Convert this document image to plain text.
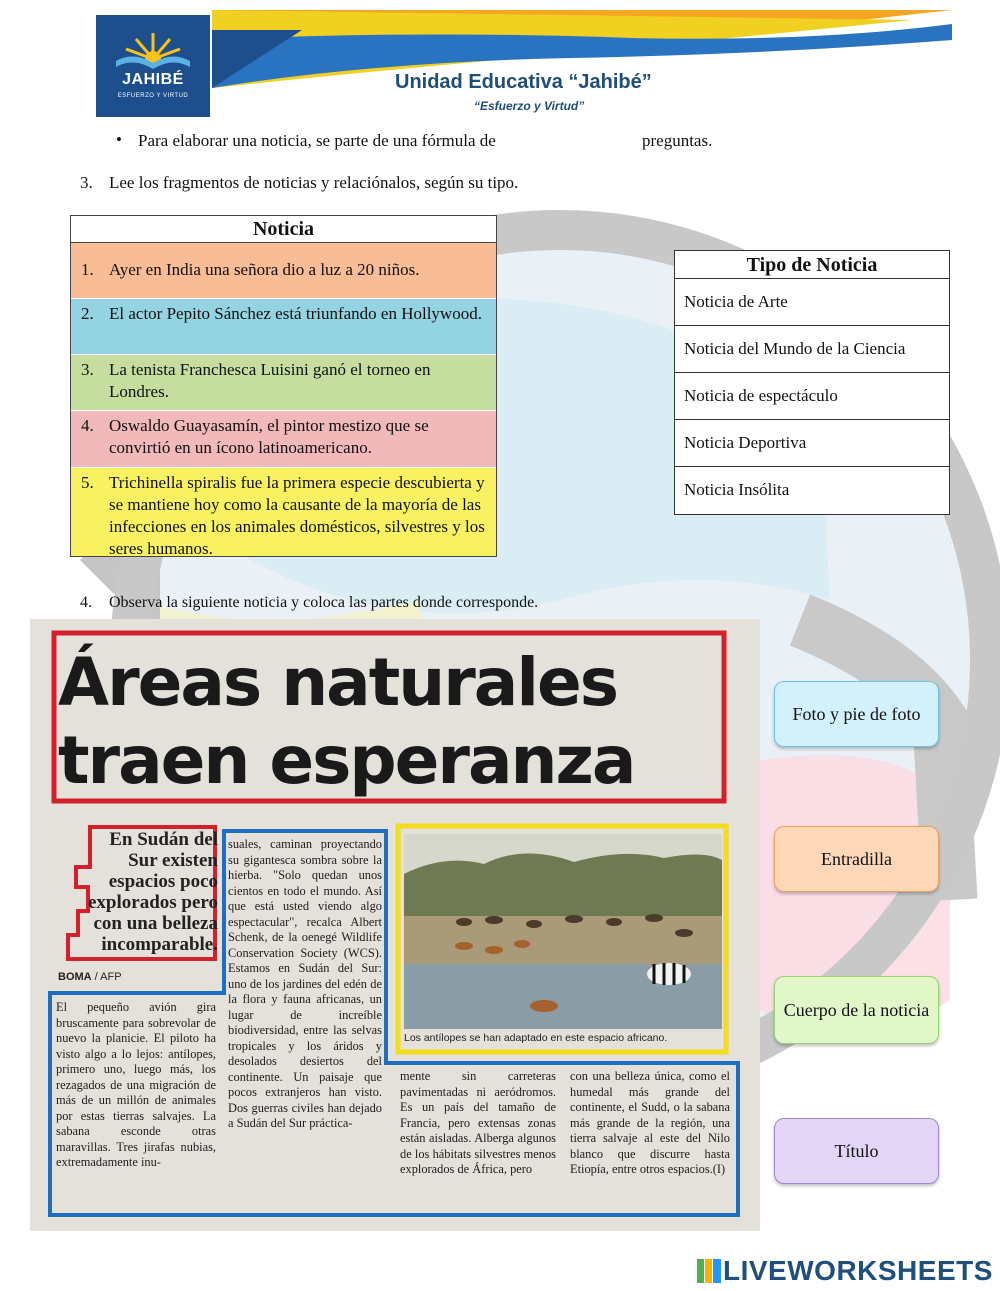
JAHIBÉ
ESFUERZO Y VIRTUD
Unidad Educativa “Jahibé”
“Esfuerzo y Virtud”
• Para elaborar una noticia, se parte de una fórmula de	preguntas.
3. Lee los fragmentos de noticias y relaciónalos, según su tipo.
Noticia
1. Ayer en India una señora dio a luz a 20 niños.
2. El actor Pepito Sánchez está triunfando en Hollywood.
3. La tenista Franchesca Luisini ganó el torneo en Londres.
4. Oswaldo Guayasamín, el pintor mestizo que se convirtió en un ícono latinoamericano.
5. Trichinella spiralis fue la primera especie descubierta y se mantiene hoy como la causante de la mayoría de las infecciones en los animales domésticos, silvestres y los seres humanos.
Tipo de Noticia
Noticia de Arte
Noticia del Mundo de la Ciencia
Noticia de espectáculo
Noticia Deportiva
Noticia Insólita
4. Observa la siguiente noticia y coloca las partes donde corresponde.
Áreas naturales
traen esperanza
En Sudán del Sur existen espacios poco explorados pero con una belleza incomparable.
BOMA / AFP
El pequeño avión gira bruscamente para sobrevolar de nuevo la planicie. El piloto ha visto algo a lo lejos: antílopes, primero uno, luego más, los rezagados de una migración de más de un millón de animales por estas tierras salvajes. La sabana esconde otras maravillas. Tres jirafas nubias, extremadamente inu-
suales, caminan proyectando su gigantesca sombra sobre la hierba. "Solo quedan unos cientos en todo el mundo. Así que está usted viendo algo espectacular", recalca Albert Schenk, de la oenegé Wildlife Conservation Society (WCS). Estamos en Sudán del Sur: uno de los jardines del edén de la flora y fauna africanas, un lugar de increíble biodiversidad, entre las selvas tropicales y los áridos y desolados desiertos del continente. Un paisaje que pocos extranjeros han visto. Dos guerras civiles han dejado a Sudán del Sur práctica-
mente sin carreteras pavimentadas ni aeródromos. Es un país del tamaño de Francia, pero extensas zonas están aisladas. Alberga algunos de los hábitats silvestres menos explorados de África, pero
con una belleza única, como el humedal más grande del continente, el Sudd, o la sabana más grande de la región, una tierra salvaje al este del Nilo blanco que discurre hasta Etiopía, entre otros espacios.(I)
Los antílopes se han adaptado en este espacio africano.
Foto y pie de foto
Entradilla
Cuerpo de la noticia
Título
LIVEWORKSHEETS
